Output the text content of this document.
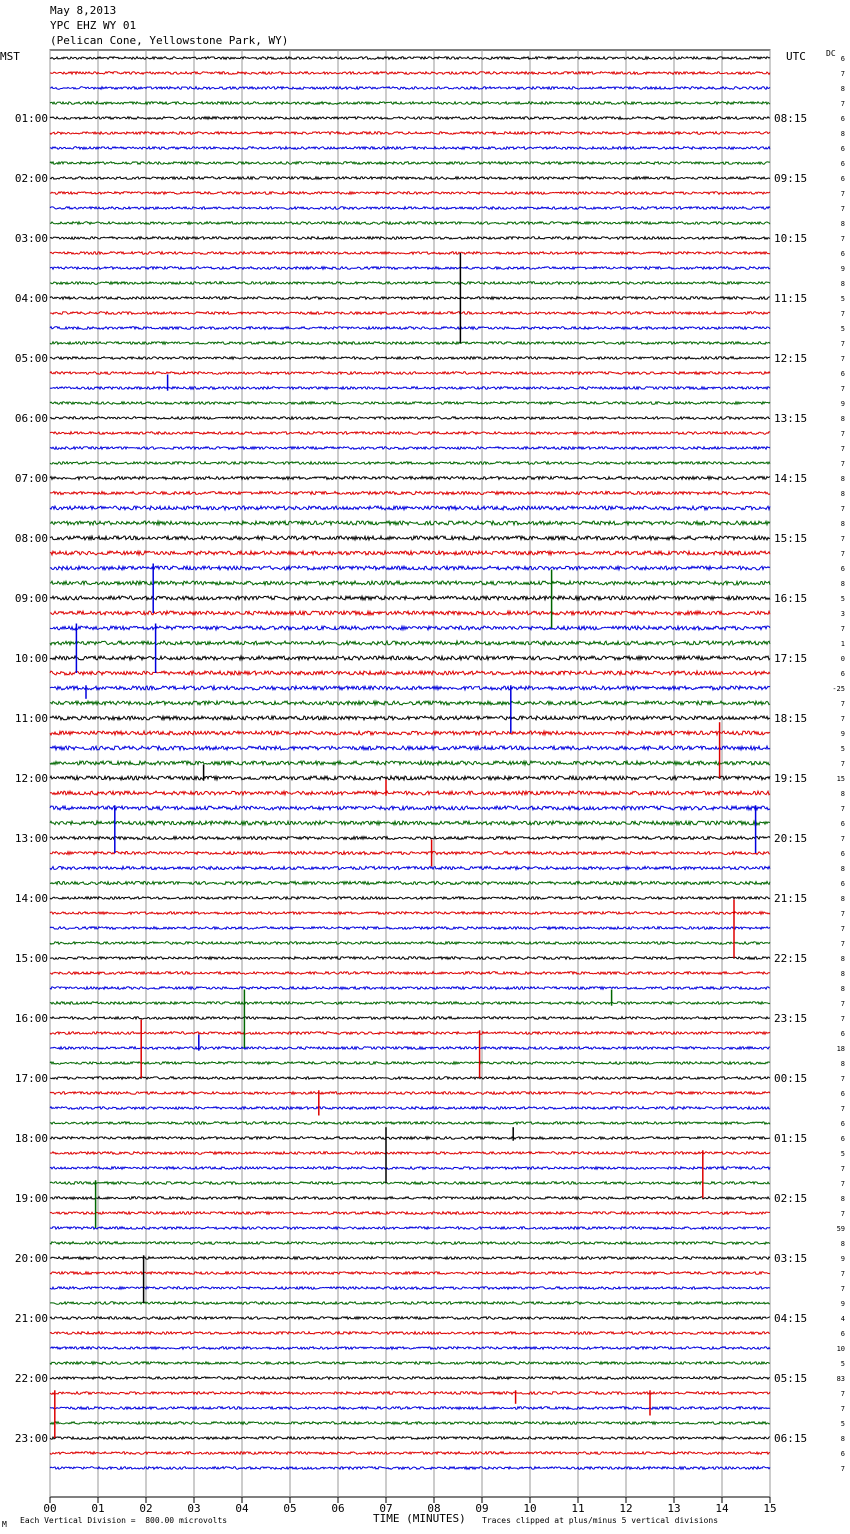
May 8,2013
YPC EHZ WY 01
(Pelican Cone, Yellowstone Park, WY)
MST	UTC	DC
01:00
02:00
03:00
04:00
05:00
06:00
07:00
08:00
09:00
10:00
11:00
12:00
13:00
14:00
15:00
16:00
17:00
18:00
19:00
20:00
21:00
22:00
23:00
08:15
09:15
10:15
11:15
12:15
13:15
14:15
15:15
16:15
17:15
18:15
19:15
20:15
21:15
22:15
23:15
00:15
01:15
02:15
03:15
04:15
05:15
06:15
6
7
8
7
6
8
6
6
6
7
7
8
7
6
9
8
5
7
5
7
7
6
7
9
8
7
7
7
8
8
7
8
7
7
6
8
5
3
7
1
0
6
-25
7
7
9
5
7
15
8
7
6
7
6
8
6
8
7
7
7
8
8
8
7
7
6
18
8
7
6
7
6
6
5
7
7
8
7
59
8
9
7
7
9
4
6
10
5
83
7
7
5
8
6
7
00	01	02	03	04	05	06	07	08	09	10	11	12	13	14	15
M Each Vertical Division =  800.00 microvolts	TIME (MINUTES) Traces clipped at plus/minus 5 vertical divisions
